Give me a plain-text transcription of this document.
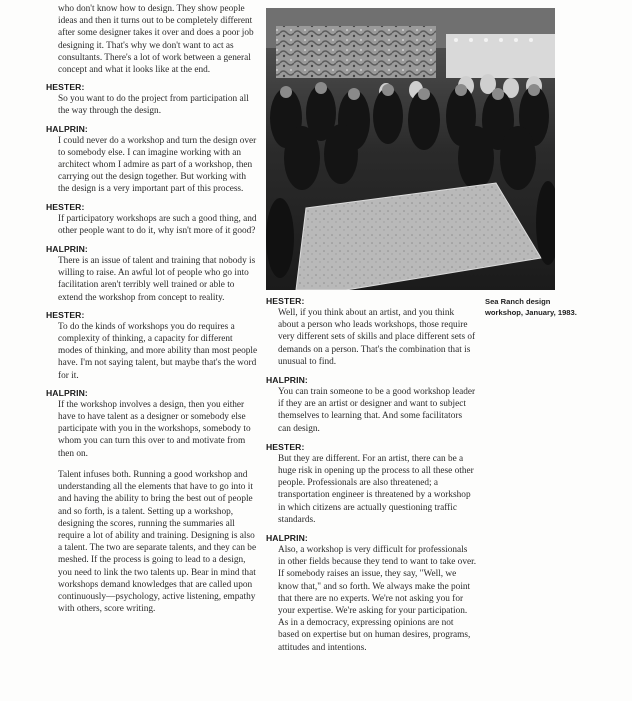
who don't know how to design. They show people ideas and then it turns out to be completely different after some designer takes it over and does a poor job designing it. That's why we don't want to act as consultants. There's a lot of work between a general concept and what it looks like at the end.

HESTER:

So you want to do the project from participation all the way through the design.

HALPRIN:

I could never do a workshop and turn the design over to somebody else. I can imagine working with an architect whom I admire as part of a workshop, then carrying out the design together. But working with the design is a very important part of this process.

HESTER:

If participatory workshops are such a good thing, and other people want to do it, why isn't more of it good?

HALPRIN:

There is an issue of talent and training that nobody is willing to raise. An awful lot of people who go into facilitation aren't terribly well trained or able to extend the workshop from concept to reality.

HESTER:

To do the kinds of workshops you do requires a complexity of thinking, a capacity for different modes of thinking, and more ability than most people have. I'm not saying talent, but maybe that's the word for it.

HALPRIN:

If the workshop involves a design, then you either have to have talent as a designer or somebody else participate with you in the workshops, somebody to whom you can turn this over to and motivate from then on.

Talent infuses both. Running a good workshop and understanding all the elements that have to go into it and having the ability to bring the best out of people and so forth, is a talent. Setting up a workshop, designing the scores, running the summaries all require a lot of ability and training. Designing is also a talent. The two are separate talents, and they can be meshed. If the process is going to lead to a design, you need to link the two talents up. Bear in mind that workshops demand knowledges that are called upon continuously—psychology, active listening, empathy with others, score writing.

Sea Ranch design workshop, January, 1983.

HESTER:

Well, if you think about an artist, and you think about a person who leads workshops, those require very different sets of skills and place different sets of demands on a person. That's the combination that is unusual to find.

HALPRIN:

You can train someone to be a good workshop leader if they are an artist or designer and want to subject themselves to learning that. And some facilitators can design.

HESTER:

But they are different. For an artist, there can be a huge risk in opening up the process to all these other people. Professionals are also threatened; a transportation engineer is threatened by a workshop in which citizens are actually questioning traffic standards.

HALPRIN:

Also, a workshop is very difficult for professionals in other fields because they tend to want to take over. If somebody raises an issue, they say, "Well, we know that," and so forth. We always make the point that there are no experts. We're not asking you for your expertise. We're asking for your participation. As in a democracy, expressing opinions are not based on expertise but on human desires, programs, attitudes and intentions.
